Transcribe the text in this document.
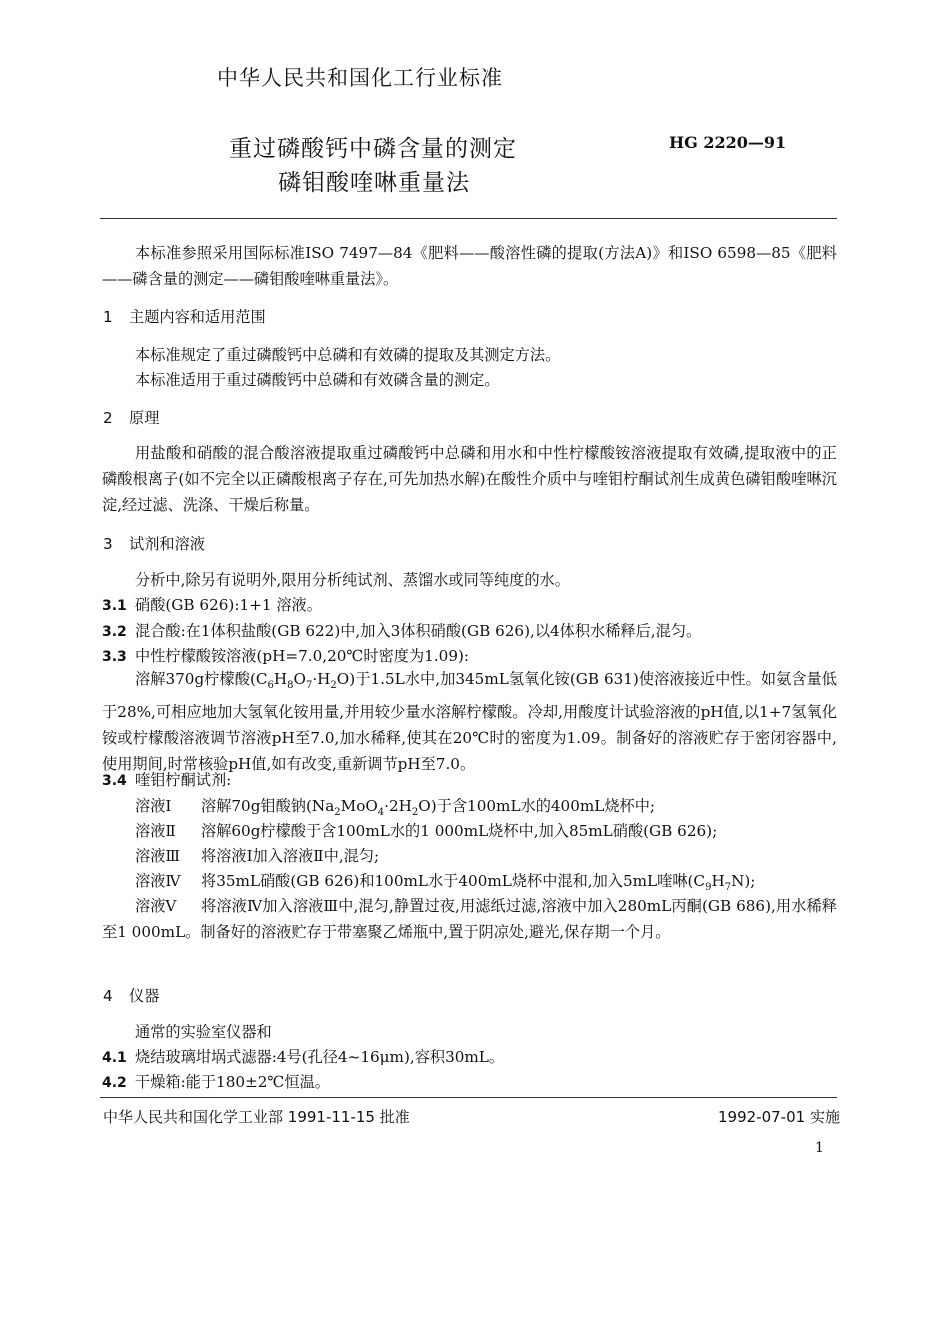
中华人民共和国化工行业标准
重过磷酸钙中磷含量的测定
磷钼酸喹啉重量法
HG 2220—91
本标准参照采用国际标准ISO 7497—84《肥料——酸溶性磷的提取(方法A)》和ISO 6598—85《肥料——磷含量的测定——磷钼酸喹啉重量法》。
1 主题内容和适用范围
本标准规定了重过磷酸钙中总磷和有效磷的提取及其测定方法。
本标准适用于重过磷酸钙中总磷和有效磷含量的测定。
2 原理
用盐酸和硝酸的混合酸溶液提取重过磷酸钙中总磷和用水和中性柠檬酸铵溶液提取有效磷,提取液中的正磷酸根离子(如不完全以正磷酸根离子存在,可先加热水解)在酸性介质中与喹钼柠酮试剂生成黄色磷钼酸喹啉沉淀,经过滤、洗涤、干燥后称量。
3 试剂和溶液
分析中,除另有说明外,限用分析纯试剂、蒸馏水或同等纯度的水。
3.1 硝酸(GB 626):1+1 溶液。
3.2 混合酸:在1体积盐酸(GB 622)中,加入3体积硝酸(GB 626),以4体积水稀释后,混匀。
3.3 中性柠檬酸铵溶液(pH=7.0,20℃时密度为1.09):
溶解370g柠檬酸$(C_6H_8O_7\cdot H_2O)$于1.5L水中,加345mL氢氧化铵(GB 631)使溶液接近中性。如氨含量低于28%,可相应地加大氢氧化铵用量,并用较少量水溶解柠檬酸。冷却,用酸度计试验溶液的pH值,以1+7氢氧化铵或柠檬酸溶液调节溶液pH至7.0,加水稀释,使其在20℃时的密度为1.09。制备好的溶液贮存于密闭容器中,使用期间,时常核验pH值,如有改变,重新调节pH至7.0。
3.4 喹钼柠酮试剂:
溶液Ⅰ 溶解70g钼酸钠$(Na_2MoO_4\cdot 2H_2O)$于含100mL水的400mL烧杯中;
溶液Ⅱ 溶解60g柠檬酸于含100mL水的1 000mL烧杯中,加入85mL硝酸(GB 626);
溶液Ⅲ 将溶液Ⅰ加入溶液Ⅱ中,混匀;
溶液Ⅳ 将35mL硝酸(GB 626)和100mL水于400mL烧杯中混和,加入5mL喹啉$(C_9H_7N)$;
溶液Ⅴ 将溶液Ⅳ加入溶液Ⅲ中,混匀,静置过夜,用滤纸过滤,溶液中加入280mL丙酮(GB 686),用水稀释至1 000mL。制备好的溶液贮存于带塞聚乙烯瓶中,置于阴凉处,避光,保存期一个月。
4 仪器
通常的实验室仪器和
4.1 烧结玻璃坩埚式滤器:4号(孔径4~16μm),容积30mL。
4.2 干燥箱:能于180±2℃恒温。
中华人民共和国化学工业部 1991-11-15 批准	1992-07-01 实施
1
